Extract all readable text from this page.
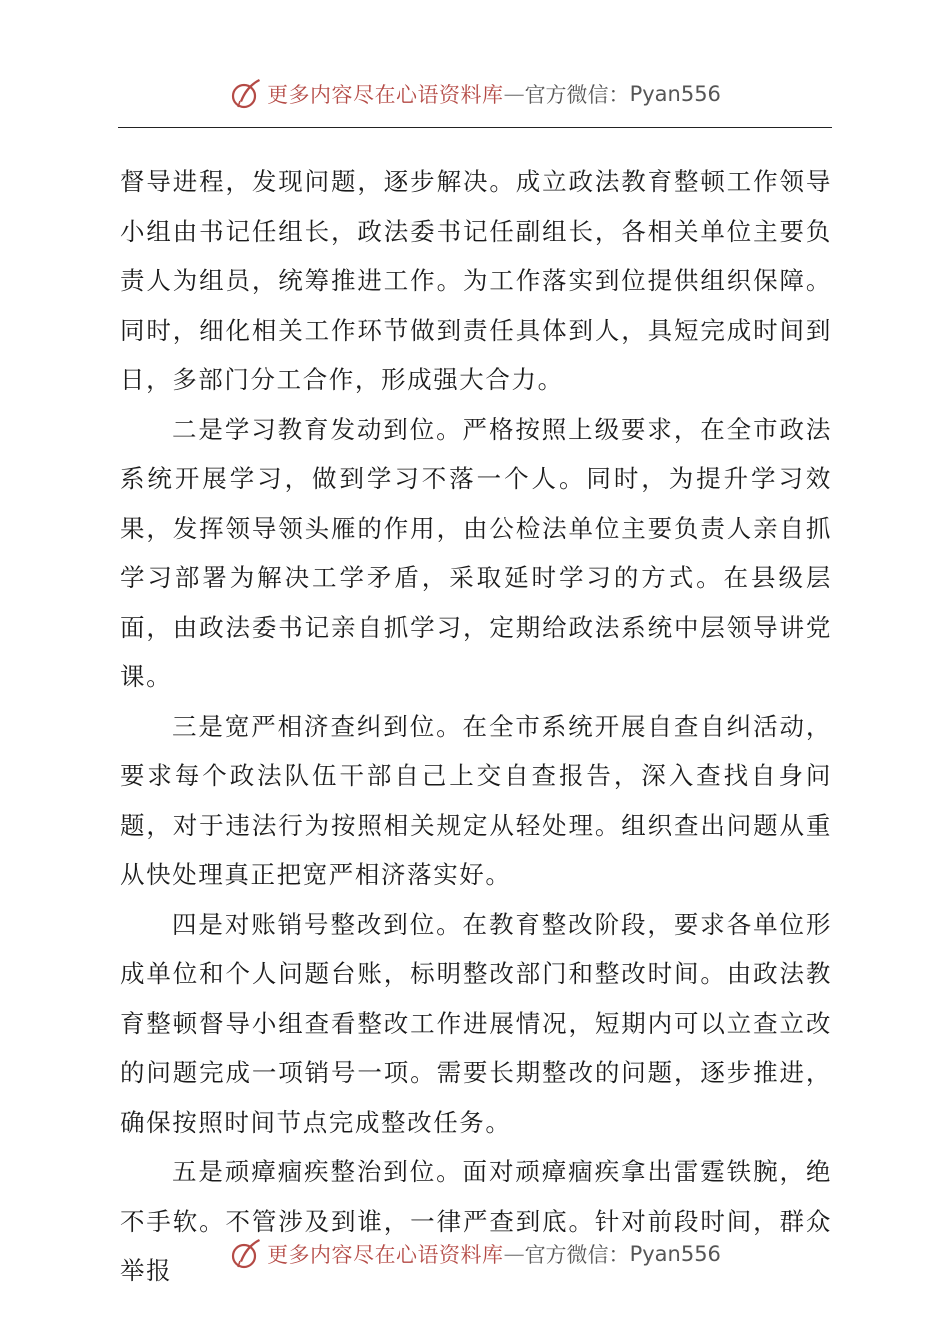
更多内容尽在心语资料库 — 官方微信： Pyan556

督导进程，发现问题，逐步解决。成立政法教育整顿工作领导小组由书记任组长，政法委书记任副组长，各相关单位主要负责人为组员，统筹推进工作。为工作落实到位提供组织保障。同时，细化相关工作环节做到责任具体到人，具短完成时间到日，多部门分工合作，形成强大合力。

二是学习教育发动到位。严格按照上级要求，在全市政法系统开展学习，做到学习不落一个人。同时，为提升学习效果，发挥领导领头雁的作用，由公检法单位主要负责人亲自抓学习部署为解决工学矛盾，采取延时学习的方式。在县级层面，由政法委书记亲自抓学习，定期给政法系统中层领导讲党课。

三是宽严相济查纠到位。在全市系统开展自查自纠活动，要求每个政法队伍干部自己上交自查报告，深入查找自身问题，对于违法行为按照相关规定从轻处理。组织查出问题从重从快处理真正把宽严相济落实好。

四是对账销号整改到位。在教育整改阶段，要求各单位形成单位和个人问题台账，标明整改部门和整改时间。由政法教育整顿督导小组查看整改工作进展情况，短期内可以立查立改的问题完成一项销号一项。需要长期整改的问题，逐步推进，确保按照时间节点完成整改任务。

五是顽瘴痼疾整治到位。面对顽瘴痼疾拿出雷霆铁腕，绝不手软。不管涉及到谁，一律严查到底。针对前段时间，群众举报

更多内容尽在心语资料库 — 官方微信： Pyan556
